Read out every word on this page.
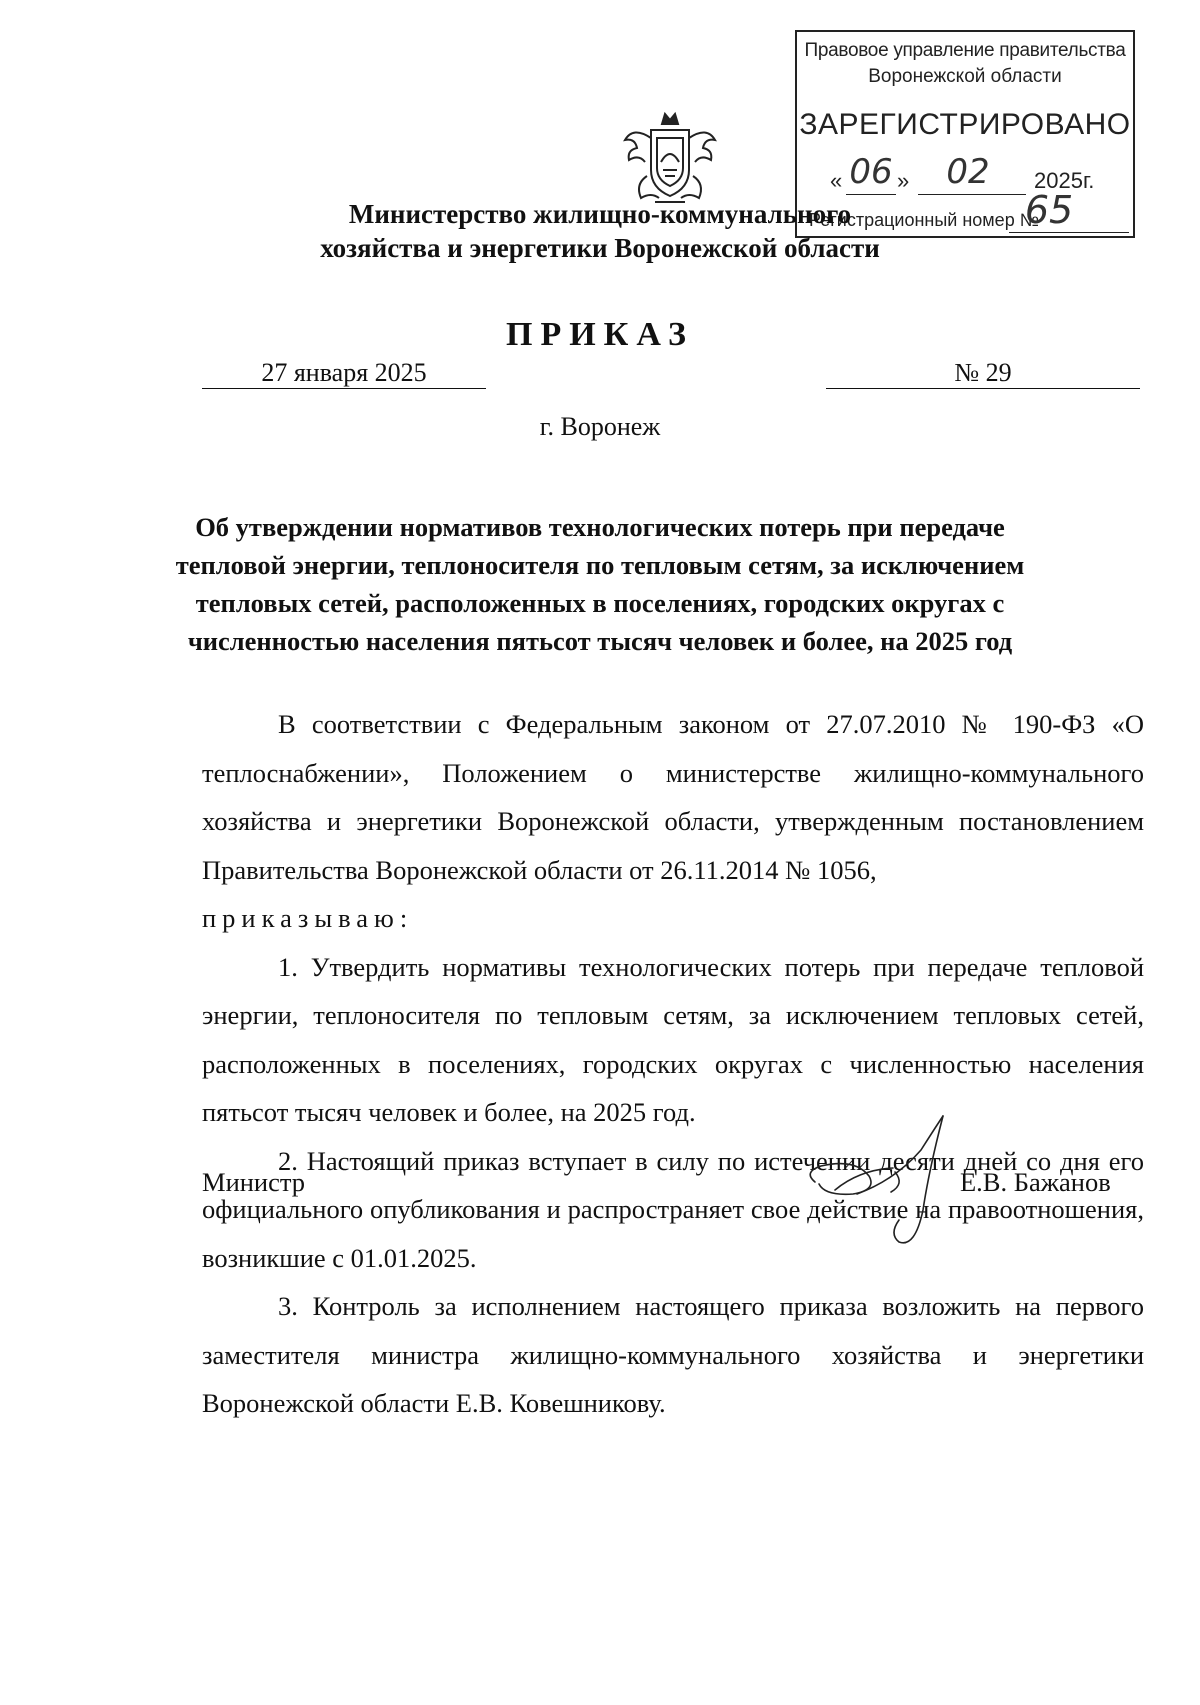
Правовое управление правительства
Воронежской области
ЗАРЕГИСТРИРОВАНО
« 06 »	02	2025г.
Регистрационный номер №
65
Министерство жилищно-коммунального
хозяйства и энергетики Воронежской области
ПРИКАЗ
27 января 2025	№ 29
г. Воронеж
Об утверждении нормативов технологических потерь при передаче
тепловой энергии, теплоносителя по тепловым сетям, за исключением
тепловых сетей, расположенных в поселениях, городских округах с
численностью населения пятьсот тысяч человек и более, на 2025 год

В соответствии с Федеральным законом от 27.07.2010 № 190-ФЗ «О теплоснабжении», Положением о министерстве жилищно-коммунального хозяйства и энергетики Воронежской области, утвержденным постановлением Правительства Воронежской области от 26.11.2014 № 1056,

приказываю:

1. Утвердить нормативы технологических потерь при передаче тепловой энергии, теплоносителя по тепловым сетям, за исключением тепловых сетей, расположенных в поселениях, городских округах с численностью населения пятьсот тысяч человек и более, на 2025 год.

2. Настоящий приказ вступает в силу по истечении десяти дней со дня его официального опубликования и распространяет свое действие на правоотношения, возникшие с 01.01.2025.

3. Контроль за исполнением настоящего приказа возложить на первого заместителя министра жилищно-коммунального хозяйства и энергетики Воронежской области Е.В. Ковешникову.

Министр	Е.В. Бажанов
